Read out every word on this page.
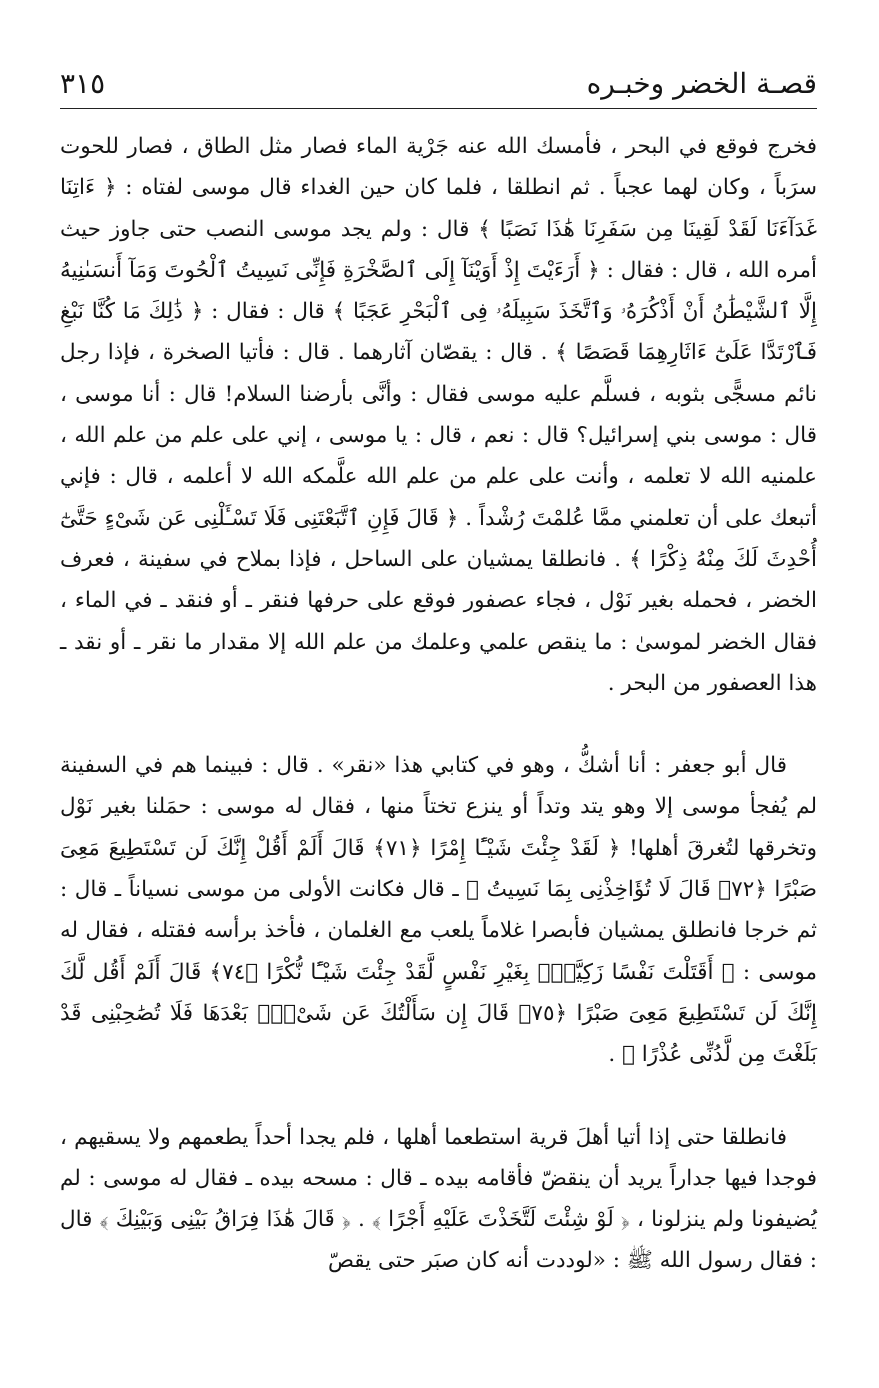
٣١٥	قصـة الخضر وخبـره

فخرج فوقع في البحر ، فأمسك الله عنه جَرْية الماء فصار مثل الطاق ، فصار للحوت سرَباً ، وكان لهما عجباً . ثم انطلقا ، فلما كان حين الغداء قال موسى لفتاه : ﴿ ءَاتِنَا غَدَآءَنَا لَقَدْ لَقِينَا مِن سَفَرِنَا هَٰذَا نَصَبًا ﴾ قال : ولم يجد موسى النصب حتى جاوز حيث أمره الله ، قال : فقال : ﴿ أَرَءَيْتَ إِذْ أَوَيْنَآ إِلَى ٱلصَّخْرَةِ فَإِنِّى نَسِيتُ ٱلْحُوتَ وَمَآ أَنسَىٰنِيهُ إِلَّا ٱلشَّيْطَٰنُ أَنْ أَذْكُرَهُۥ وَٱتَّخَذَ سَبِيلَهُۥ فِى ٱلْبَحْرِ عَجَبًا ﴾ قال : فقال : ﴿ ذَٰلِكَ مَا كُنَّا نَبْغِ فَٱرْتَدَّا عَلَىٰٓ ءَاثَارِهِمَا قَصَصًا ﴾ . قال : يقصّان آثارهما . قال : فأتيا الصخرة ، فإذا رجل نائم مسجًّى بثوبه ، فسلَّم عليه موسى فقال : وأنَّى بأرضنا السلام! قال : أنا موسى ، قال : موسى بني إسرائيل؟ قال : نعم ، قال : يا موسى ، إني على علم من علم الله ، علمنيه الله لا تعلمه ، وأنت على علم من علم الله علَّمكه الله لا أعلمه ، قال : فإني أتبعك على أن تعلمني ممَّا عُلمْتَ رُشْداً . ﴿ قَالَ فَإِنِ ٱتَّبَعْتَنِى فَلَا تَسْـَٔلْنِى عَن شَىْءٍ حَتَّىٰٓ أُحْدِثَ لَكَ مِنْهُ ذِكْرًا ﴾ . فانطلقا يمشيان على الساحل ، فإذا بملاح في سفينة ، فعرف الخضر ، فحمله بغير نَوْل ، فجاء عصفور فوقع على حرفها فنقر ـ أو فنقد ـ في الماء ، فقال الخضر لموسىٰ : ما ينقص علمي وعلمك من علم الله إلا مقدار ما نقر ـ أو نقد ـ هذا العصفور من البحر .

قال أبو جعفر : أنا أشكُّ ، وهو في كتابي هذا «نقر» . قال : فبينما هم في السفينة لم يُفجأ موسى إلا وهو يتد وتداً أو ينزع تختاً منها ، فقال له موسى : حمَلنا بغير نَوْل وتخرقها لتُغرقَ أهلها! ﴿ لَقَدْ جِئْتَ شَيْـًٔا إِمْرًا ﴿٧١﴾ قَالَ أَلَمْ أَقُلْ إِنَّكَ لَن تَسْتَطِيعَ مَعِىَ صَبْرًا ﴿٧٢﴾ قَالَ لَا تُؤَاخِذْنِى بِمَا نَسِيتُ ﴾ ـ قال فكانت الأولى من موسى نسياناً ـ قال : ثم خرجا فانطلق يمشيان فأبصرا غلاماً يلعب مع الغلمان ، فأخذ برأسه فقتله ، فقال له موسى : ﴿ أَقَتَلْتَ نَفْسًا زَكِيَّةًۢ بِغَيْرِ نَفْسٍ لَّقَدْ جِئْتَ شَيْـًٔا نُّكْرًا ﴿٧٤﴾ قَالَ أَلَمْ أَقُل لَّكَ إِنَّكَ لَن تَسْتَطِيعَ مَعِىَ صَبْرًا ﴿٧٥﴾ قَالَ إِن سَأَلْتُكَ عَن شَىْءٍۭ بَعْدَهَا فَلَا تُصَٰحِبْنِى قَدْ بَلَغْتَ مِن لَّدُنِّى عُذْرًا ﴾ .

فانطلقا حتى إذا أتيا أهلَ قرية استطعما أهلها ، فلم يجدا أحداً يطعمهم ولا يسقيهم ، فوجدا فيها جداراً يريد أن ينقضّ فأقامه بيده ـ قال : مسحه بيده ـ فقال له موسى : لم يُضيفونا ولم ينزلونا ، ﴿ لَوْ شِئْتَ لَتَّخَذْتَ عَلَيْهِ أَجْرًا ﴾ . ﴿ قَالَ هَٰذَا فِرَاقُ بَيْنِى وَبَيْنِكَ ﴾ قال : فقال رسول الله ﷺ : «لوددت أنه كان صبَر حتى يقصّ
